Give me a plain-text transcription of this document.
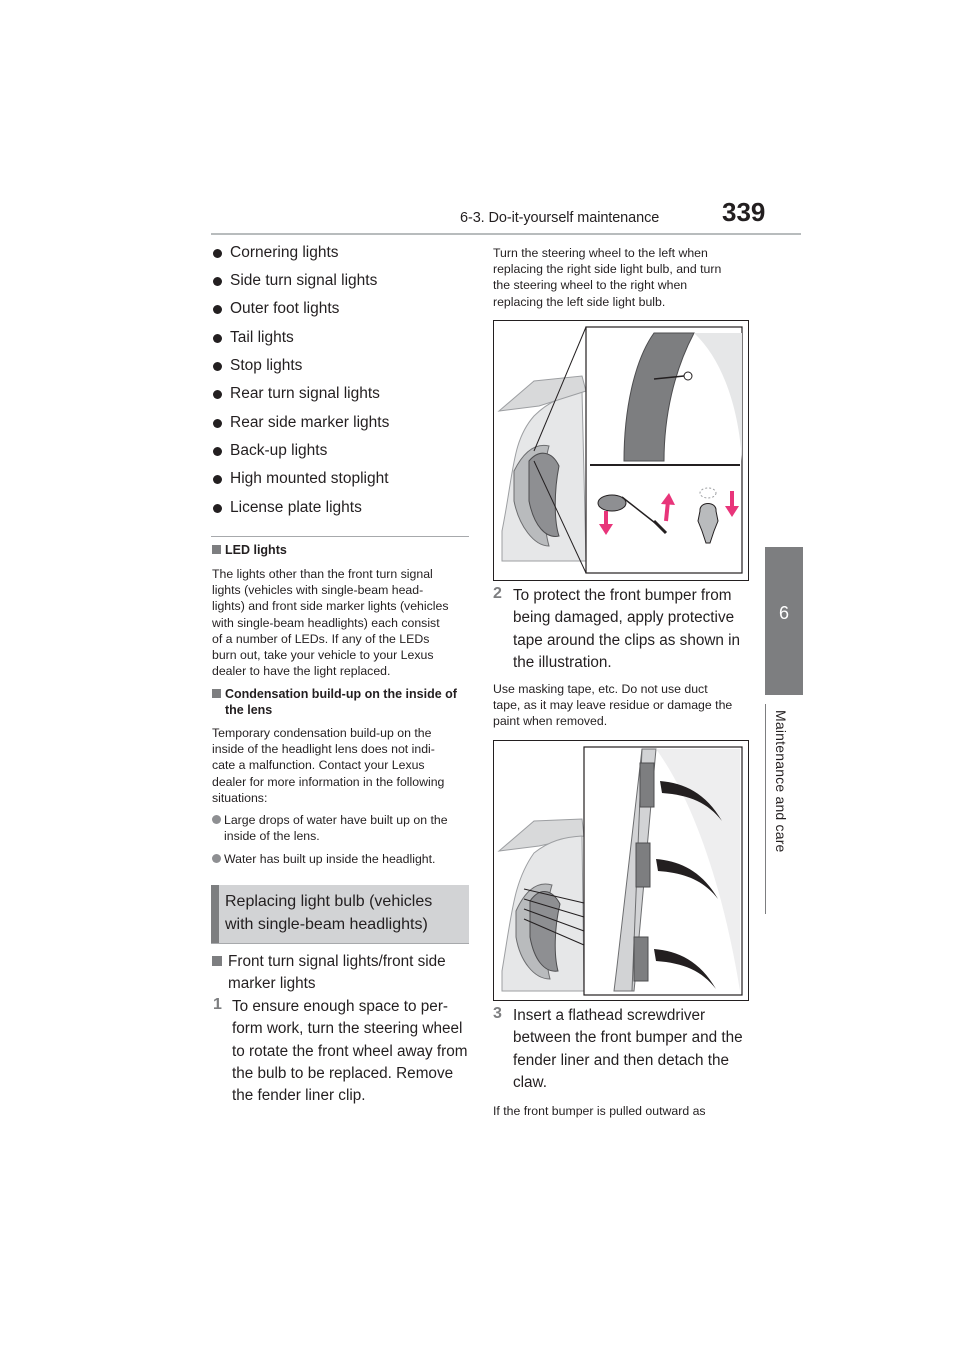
6-3. Do-it-yourself maintenance 339
6
Maintenance and care
Cornering lights
Side turn signal lights
Outer foot lights
Tail lights
Stop lights
Rear turn signal lights
Rear side marker lights
Back-up lights
High mounted stoplight
License plate lights
LED lights
The lights other than the front turn signal
lights (vehicles with single-beam head-
lights) and front side marker lights (vehicles
with single-beam headlights) each consist
of a number of LEDs. If any of the LEDs
burn out, take your vehicle to your Lexus
dealer to have the light replaced.
Condensation build-up on the inside of
the lens
Temporary condensation build-up on the
inside of the headlight lens does not indi-
cate a malfunction. Contact your Lexus
dealer for more information in the following
situations:
Large drops of water have built up on the
inside of the lens.
Water has built up inside the headlight.
Replacing light bulb (vehicles
with single-beam headlights)
Front turn signal lights/front side
marker lights
1 To ensure enough space to per-
form work, turn the steering wheel
to rotate the front wheel away from
the bulb to be replaced. Remove
the fender liner clip.
Turn the steering wheel to the left when
replacing the right side light bulb, and turn
the steering wheel to the right when
replacing the left side light bulb.
2 To protect the front bumper from
being damaged, apply protective
tape around the clips as shown in
the illustration.
Use masking tape, etc. Do not use duct
tape, as it may leave residue or damage the
paint when removed.
3 Insert a flathead screwdriver
between the front bumper and the
fender liner and then detach the
claw.
If the front bumper is pulled outward as
